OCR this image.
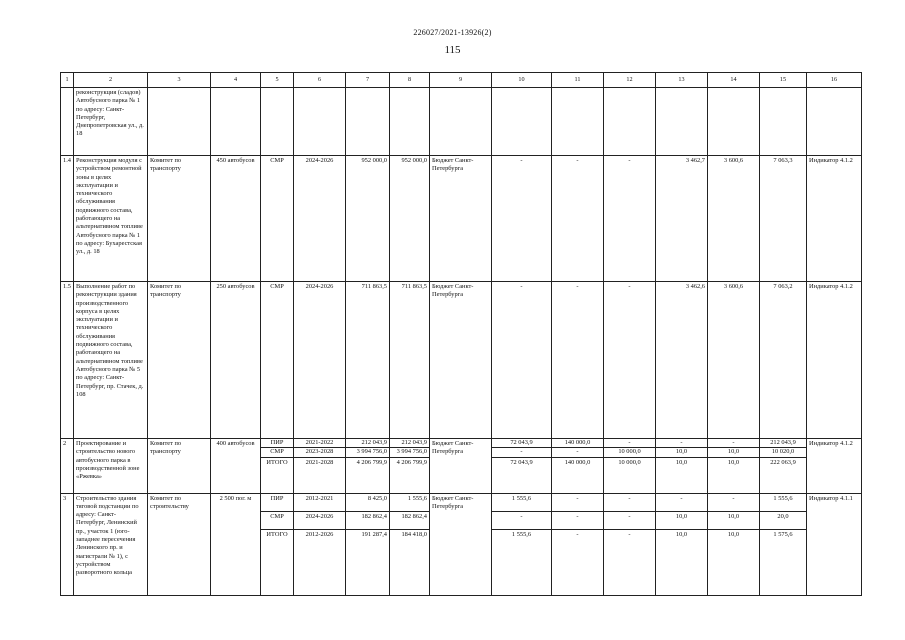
226027/2021-13926(2)
115
1	2	3	4	5	6	7	8	9	10	11	12	13	14	15	16
	реконструкция (сладов) Автобусного парка № 1 по адресу: Санкт-Петербург, Днепропетровская ул., д. 18														
1.4	Реконструкция модуля с устройством ремонтной зоны в целях эксплуатации и технического обслуживания подвижного состава, работающего на альтернативном топливе Автобусного парка № 1 по адресу: Бухарестская ул., д. 18	Комитет по транспорту	450 автобусов	СМР	2024-2026	952 000,0	952 000,0	Бюджет Санкт-Петербурга	-	-	-	3 462,7	3 600,6	7 063,3	Индикатор 4.1.2
1.5	Выполнение работ по реконструкции здания производственного корпуса в целях эксплуатации и технического обслуживания подвижного состава, работающего на альтернативном топливе Автобусного парка № 5 по адресу: Санкт-Петербург, пр. Стачек, д. 108	Комитет по транспорту	250 автобусов	СМР	2024-2026	711 863,5	711 863,5	Бюджет Санкт-Петербурга	-	-	-	3 462,6	3 600,6	7 063,2	Индикатор 4.1.2
2	Проектирование и строительство нового автобусного парка в производственной зоне «Ржевка»	Комитет по транспорту	400 автобусов	ПИР	2021-2022	212 043,9	212 043,9	Бюджет Санкт-Петербурга	72 043,9	140 000,0	-	-	-	212 043,9	Индикатор 4.1.2
				СМР	2023-2028	3 994 756,0	3 994 756,0		-	-	10 000,0	10,0	10,0	10 020,0	
				ИТОГО	2021-2028	4 206 799,9	4 206 799,9		72 043,9	140 000,0	10 000,0	10,0	10,0	222 063,9	
3	Строительство здания тяговой подстанции по адресу: Санкт-Петербург, Ленинский пр., участок 1 (юго-западнее пересечения Ленинского пр. и магистрали № 1), с устройством разворотного кольца	Комитет по строительству	2 500 пог. м	ПИР	2012-2021	8 425,0	1 555,6	Бюджет Санкт-Петербурга	1 555,6	-	-	-	-	1 555,6	Индикатор 4.1.1
				СМР	2024-2026	182 862,4	182 862,4		-	-	-	10,0	10,0	20,0	
				ИТОГО	2012-2026	191 287,4	184 418,0		1 555,6	-	-	10,0	10,0	1 575,6	
